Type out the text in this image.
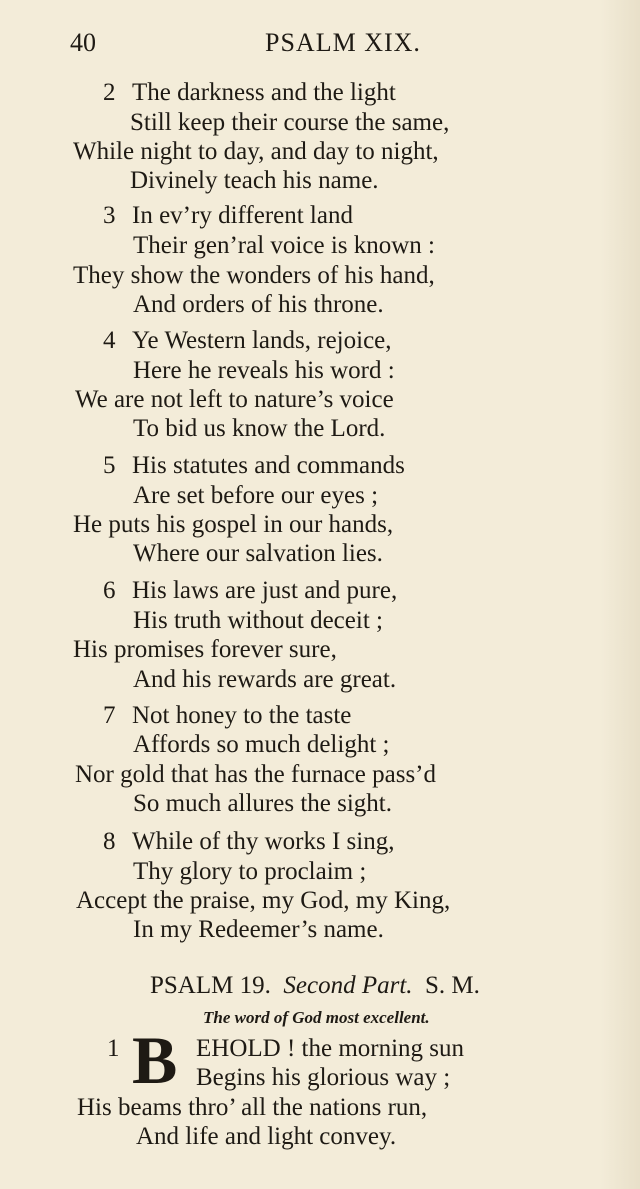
40	PSALM XIX.
2 The darkness and the light
Still keep their course the same,
While night to day, and day to night,
Divinely teach his name.
3 In ev’ry different land
Their gen’ral voice is known :
They show the wonders of his hand,
And orders of his throne.
4 Ye Western lands, rejoice,
Here he reveals his word :
We are not left to nature’s voice
To bid us know the Lord.
5 His statutes and commands
Are set before our eyes ;
He puts his gospel in our hands,
Where our salvation lies.
6 His laws are just and pure,
His truth without deceit ;
His promises forever sure,
And his rewards are great.
7 Not honey to the taste
Affords so much delight ;
Nor gold that has the furnace pass’d
So much allures the sight.
8 While of thy works I sing,
Thy glory to proclaim ;
Accept the praise, my God, my King,
In my Redeemer’s name.
PSALM 19. Second Part. S. M.
The word of God most excellent.
1 B EHOLD ! the morning sun
Begins his glorious way ;
His beams thro’ all the nations run,
And life and light convey.
